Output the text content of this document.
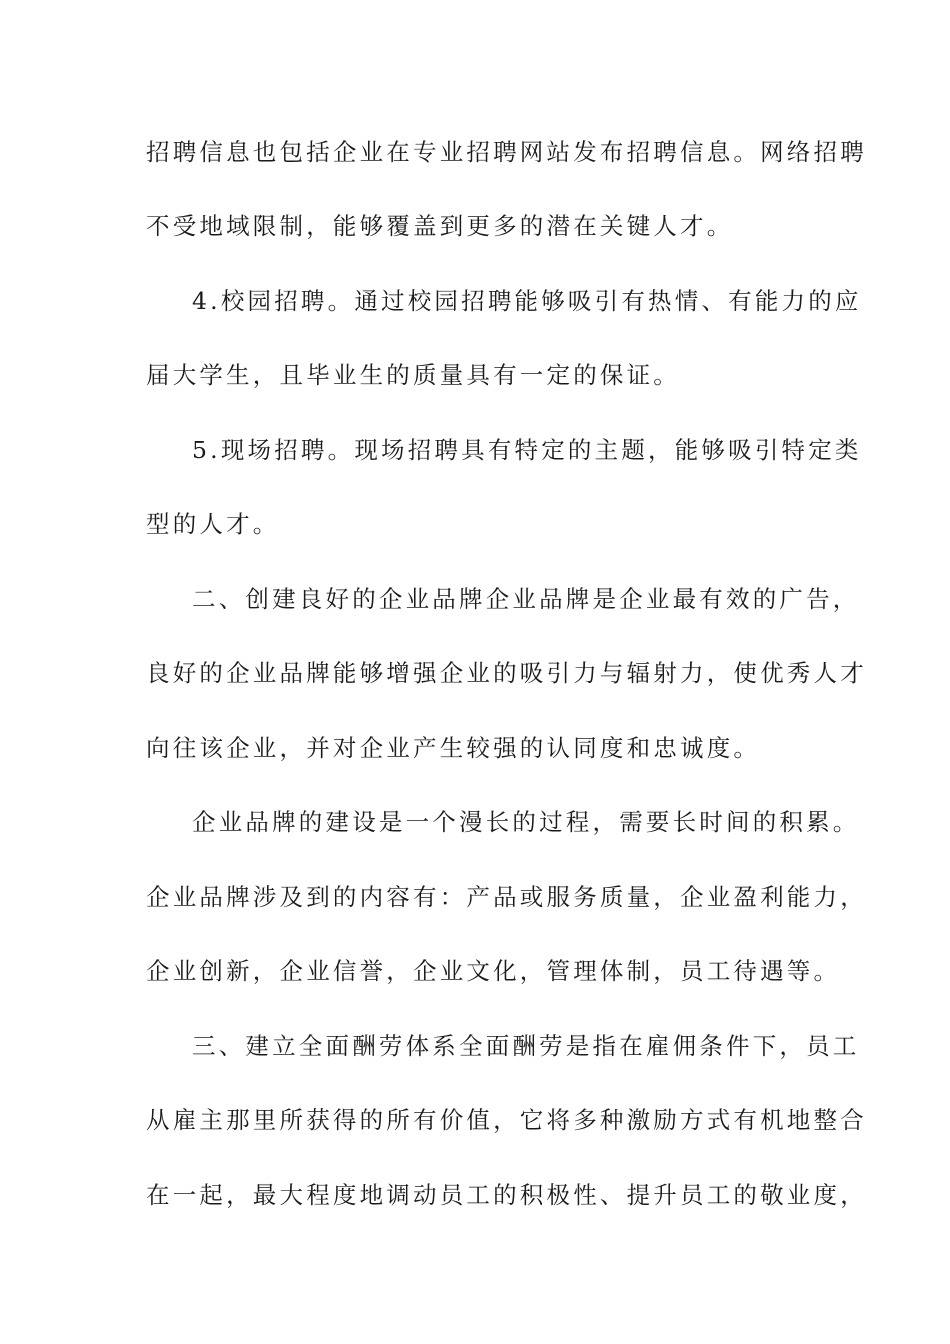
招聘信息也包括企业在专业招聘网站发布招聘信息。网络招聘
不受地域限制，能够覆盖到更多的潜在关键人才。
4.校园招聘。通过校园招聘能够吸引有热情、有能力的应
届大学生，且毕业生的质量具有一定的保证。
5.现场招聘。现场招聘具有特定的主题，能够吸引特定类
型的人才。
二、创建良好的企业品牌企业品牌是企业最有效的广告，
良好的企业品牌能够增强企业的吸引力与辐射力，使优秀人才
向往该企业，并对企业产生较强的认同度和忠诚度。
企业品牌的建设是一个漫长的过程，需要长时间的积累。
企业品牌涉及到的内容有：产品或服务质量，企业盈利能力，
企业创新，企业信誉，企业文化，管理体制，员工待遇等。
三、建立全面酬劳体系全面酬劳是指在雇佣条件下，员工
从雇主那里所获得的所有价值，它将多种激励方式有机地整合
在一起，最大程度地调动员工的积极性、提升员工的敬业度，
